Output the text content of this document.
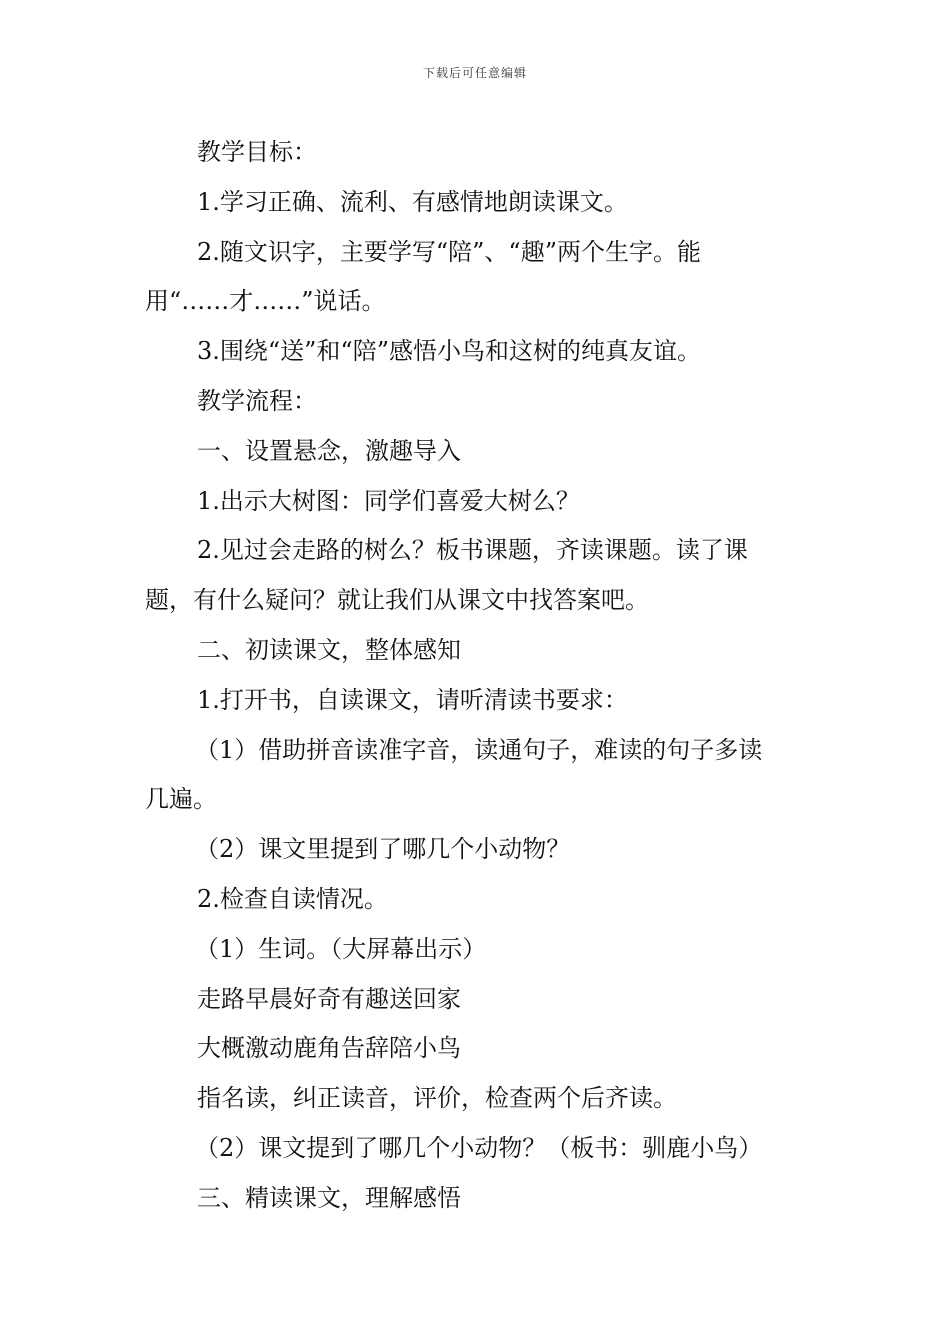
下载后可任意编辑
教学目标：
1.学习正确、流利、有感情地朗读课文。
2.随文识字，主要学写“陪”、“趣”两个生字。能
用“……才……”说话。
3.围绕“送”和“陪”感悟小鸟和这树的纯真友谊。
教学流程：
一、设置悬念，激趣导入
1.出示大树图：同学们喜爱大树么？
2.见过会走路的树么？板书课题，齐读课题。读了课
题，有什么疑问？就让我们从课文中找答案吧。
二、初读课文，整体感知
1.打开书，自读课文，请听清读书要求：
（1）借助拼音读准字音，读通句子，难读的句子多读
几遍。
（2）课文里提到了哪几个小动物？
2.检查自读情况。
（1）生词。（大屏幕出示）
走路早晨好奇有趣送回家
大概激动鹿角告辞陪小鸟
指名读，纠正读音，评价，检查两个后齐读。
（2）课文提到了哪几个小动物？（板书：驯鹿小鸟）
三、精读课文，理解感悟
